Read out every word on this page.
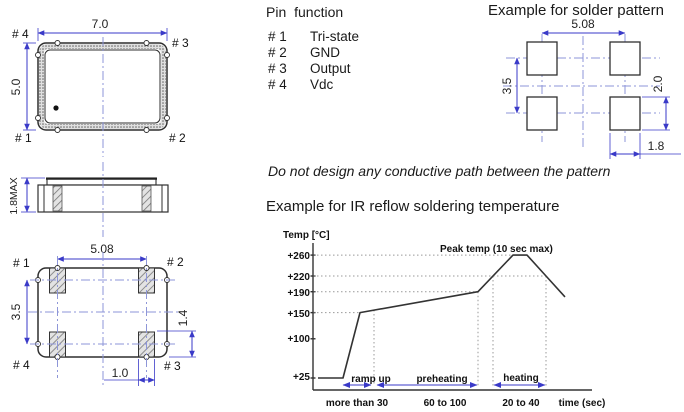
7.0
5.0
# 4
# 3
# 1	# 2
1.8MAX
5.08
3.5	1.4
1.0
# 1	# 2
# 4	# 3
5.08
3.5	2.0
1.8
Temp [°C]
Peak temp (10 sec max)
+260
+220
+190
+150
+100
+25	ramp up	preheating	heating
more than 30	60 to 100	20 to 40 time (sec)
Pin function
# 1	Tri-state
# 2	GND
# 3	Output
# 4	Vdc
Example for solder pattern
Do not design any conductive path between the pattern
Example for IR reflow soldering temperature
